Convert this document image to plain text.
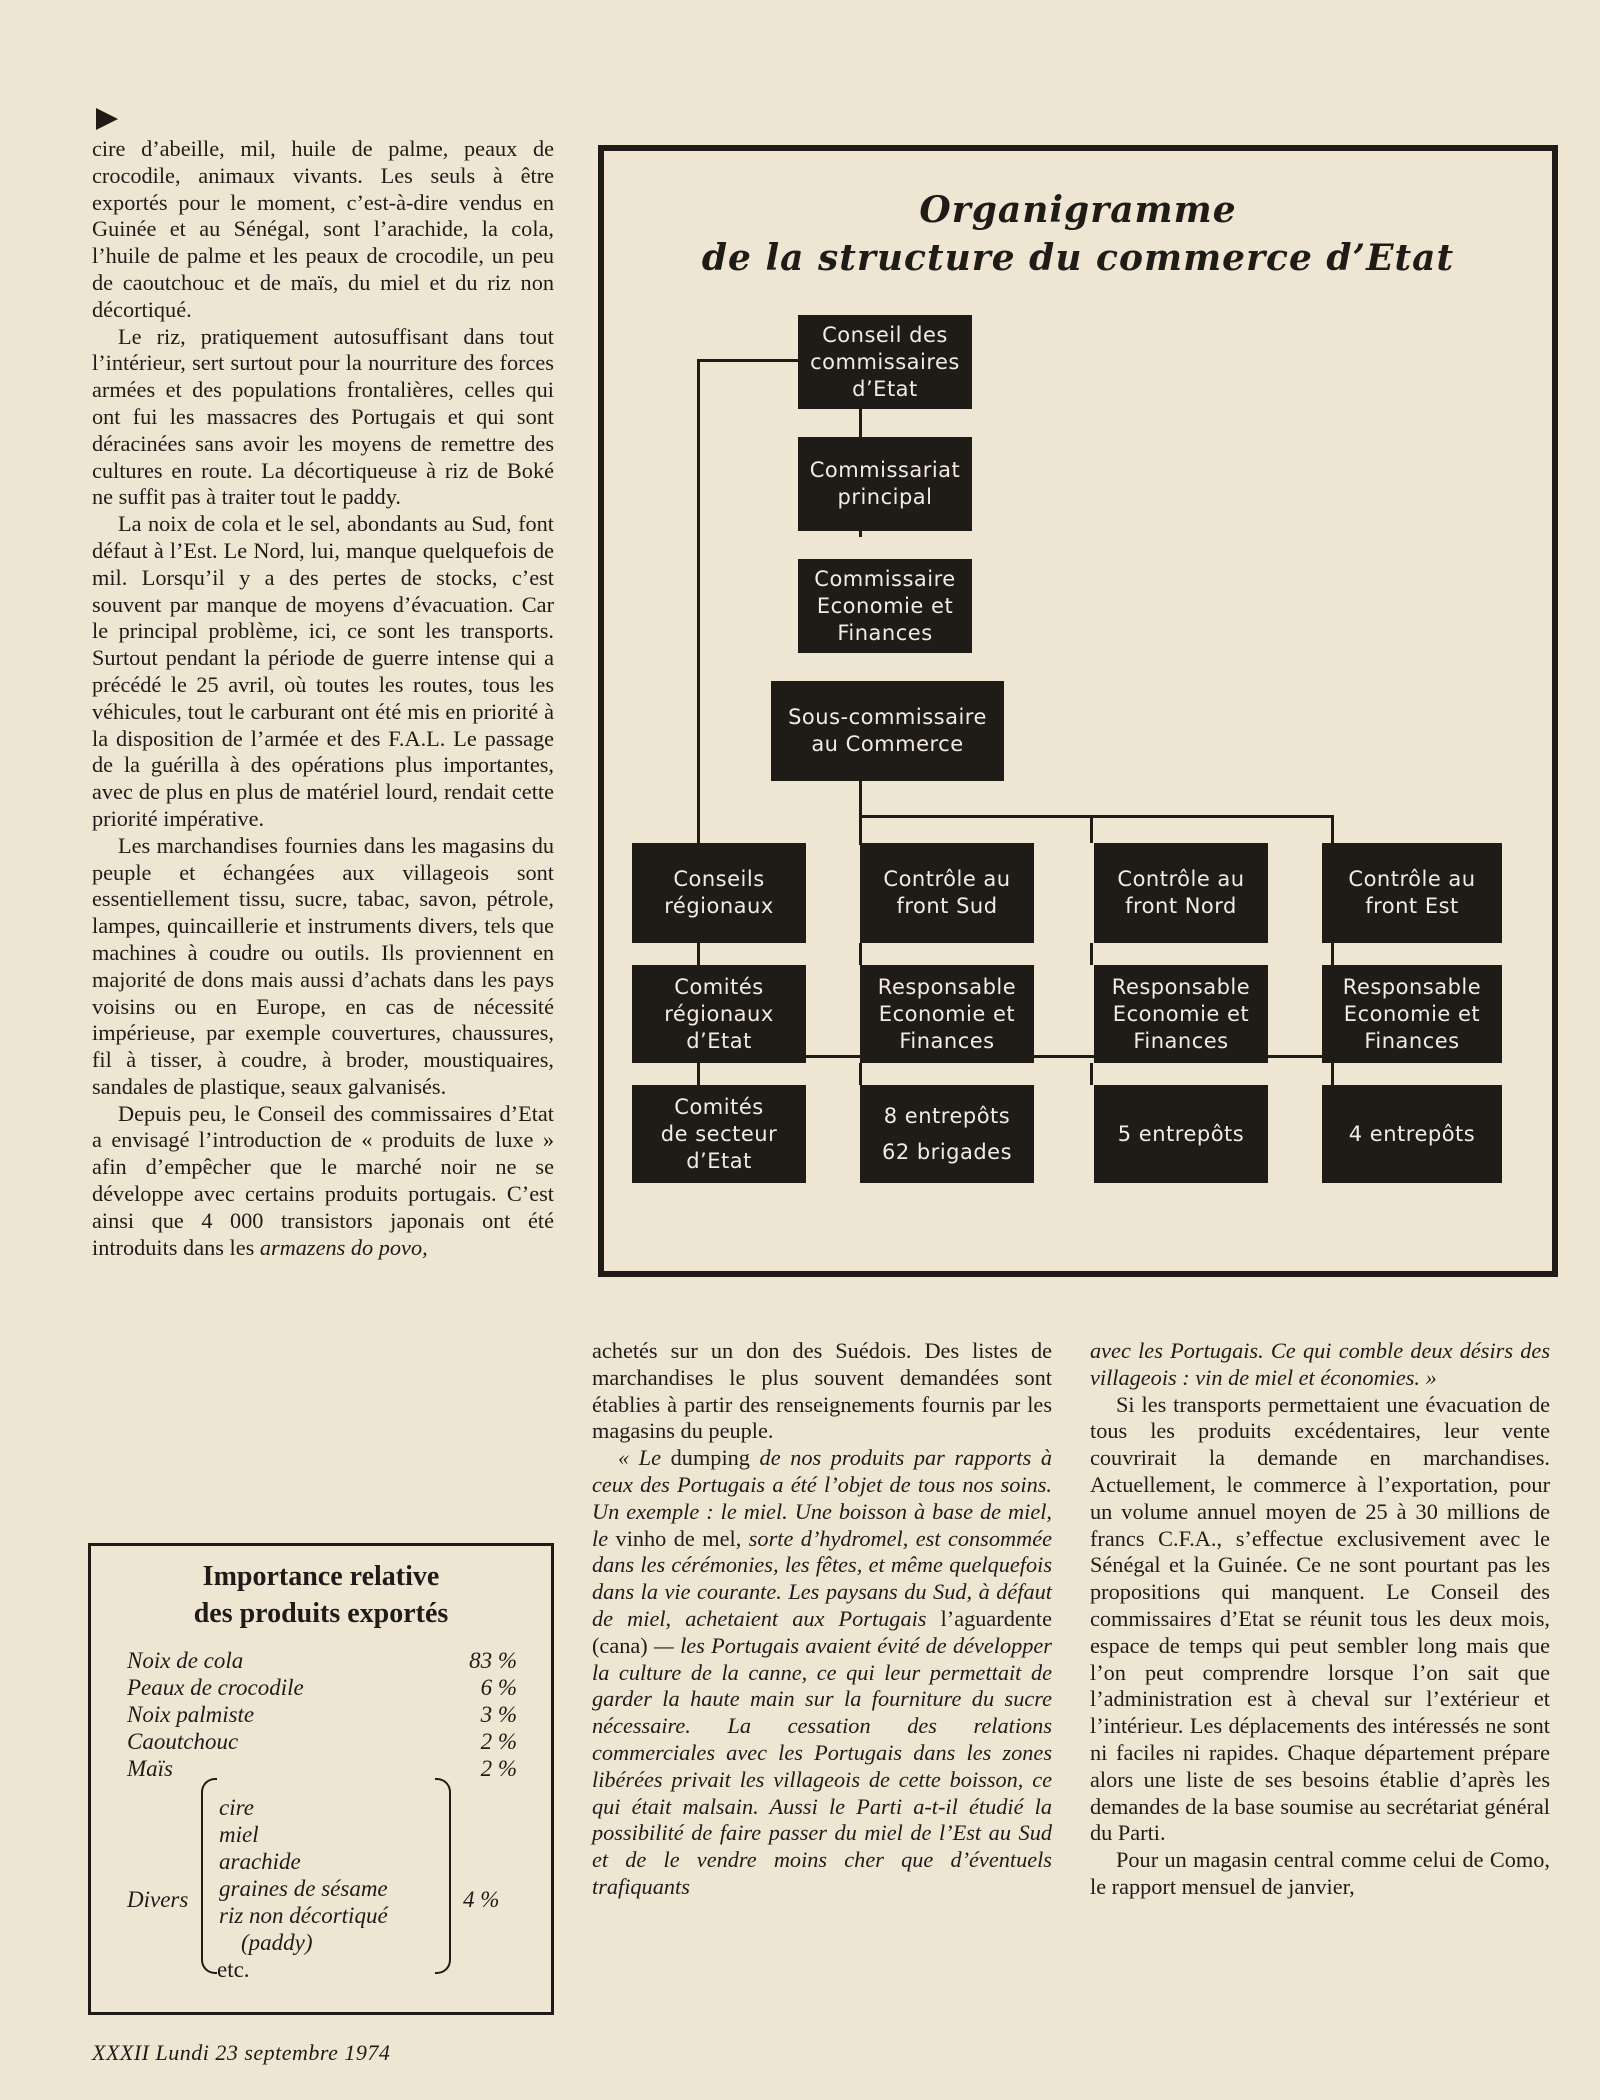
cire d’abeille, mil, huile de palme, peaux de crocodile, animaux vivants. Les seuls à être exportés pour le moment, c’est-à-dire vendus en Guinée et au Sénégal, sont l’arachide, la cola, l’huile de palme et les peaux de crocodile, un peu de caoutchouc et de maïs, du miel et du riz non décortiqué.

Le riz, pratiquement autosuffisant dans tout l’intérieur, sert surtout pour la nourriture des forces armées et des populations frontalières, celles qui ont fui les massacres des Portugais et qui sont déracinées sans avoir les moyens de remettre des cultures en route. La décortiqueuse à riz de Boké ne suffit pas à traiter tout le paddy.

La noix de cola et le sel, abondants au Sud, font défaut à l’Est. Le Nord, lui, manque quelquefois de mil. Lorsqu’il y a des pertes de stocks, c’est souvent par manque de moyens d’évacuation. Car le principal problème, ici, ce sont les transports. Surtout pendant la période de guerre intense qui a précédé le 25 avril, où toutes les routes, tous les véhicules, tout le carburant ont été mis en priorité à la disposition de l’armée et des F.A.L. Le passage de la guérilla à des opérations plus importantes, avec de plus en plus de matériel lourd, rendait cette priorité impérative.

Les marchandises fournies dans les magasins du peuple et échangées aux villageois sont essentiellement tissu, sucre, tabac, savon, pétrole, lampes, quincaillerie et instruments divers, tels que machines à coudre ou outils. Ils proviennent en majorité de dons mais aussi d’achats dans les pays voisins ou en Europe, en cas de nécessité impérieuse, par exemple couvertures, chaussures, fil à tisser, à coudre, à broder, moustiquaires, sandales de plastique, seaux galvanisés.

Depuis peu, le Conseil des commissaires d’Etat a envisagé l’introduction de « produits de luxe » afin d’empêcher que le marché noir ne se développe avec certains produits portugais. C’est ainsi que 4 000 transistors japonais ont été introduits dans les armazens do povo,

Organigramme
de la structure du commerce d’Etat
Conseil des
commissaires
d’Etat
Commissariat
principal
Commissaire
Economie et
Finances
Sous-commissaire
au Commerce
Conseils
régionaux
Contrôle au
front Sud
Contrôle au
front Nord
Contrôle au
front Est
Comités
régionaux
d’Etat
Responsable
Economie et
Finances
Responsable
Economie et
Finances
Responsable
Economie et
Finances
Comités
de secteur
d’Etat
8 entrepôts
62 brigades
5 entrepôts	4 entrepôts
Importance relative
des produits exportés
Noix de cola	83 %
Peaux de crocodile	6 %
Noix palmiste	3 %
Caoutchouc	2 %
Maïs	2 %
Divers
cire
miel
arachide
graines de sésame
riz non décortiqué
(paddy)
etc.
4 %

achetés sur un don des Suédois. Des listes de marchandises le plus souvent demandées sont établies à partir des renseignements fournis par les magasins du peuple.

« Le dumping de nos produits par rapports à ceux des Portugais a été l’objet de tous nos soins. Un exemple : le miel. Une boisson à base de miel, le vinho de mel, sorte d’hydromel, est consommée dans les cérémonies, les fêtes, et même quelquefois dans la vie courante. Les paysans du Sud, à défaut de miel, achetaient aux Portugais l’aguardente (cana) — les Portugais avaient évité de développer la culture de la canne, ce qui leur permettait de garder la haute main sur la fourniture du sucre nécessaire. La cessation des relations commerciales avec les Portugais dans les zones libérées privait les villageois de cette boisson, ce qui était malsain. Aussi le Parti a-t-il étudié la possibilité de faire passer du miel de l’Est au Sud et de le vendre moins cher que d’éventuels trafiquants

avec les Portugais. Ce qui comble deux désirs des villageois : vin de miel et économies. »

Si les transports permettaient une évacuation de tous les produits excédentaires, leur vente couvrirait la demande en marchandises. Actuellement, le commerce à l’exportation, pour un volume annuel moyen de 25 à 30 millions de francs C.F.A., s’effectue exclusivement avec le Sénégal et la Guinée. Ce ne sont pourtant pas les propositions qui manquent. Le Conseil des commissaires d’Etat se réunit tous les deux mois, espace de temps qui peut sembler long mais que l’on peut comprendre lorsque l’on sait que l’administration est à cheval sur l’extérieur et l’intérieur. Les déplacements des intéressés ne sont ni faciles ni rapides. Chaque département prépare alors une liste de ses besoins établie d’après les demandes de la base soumise au secrétariat général du Parti.

Pour un magasin central comme celui de Como, le rapport mensuel de janvier,

XXXII Lundi 23 septembre 1974
